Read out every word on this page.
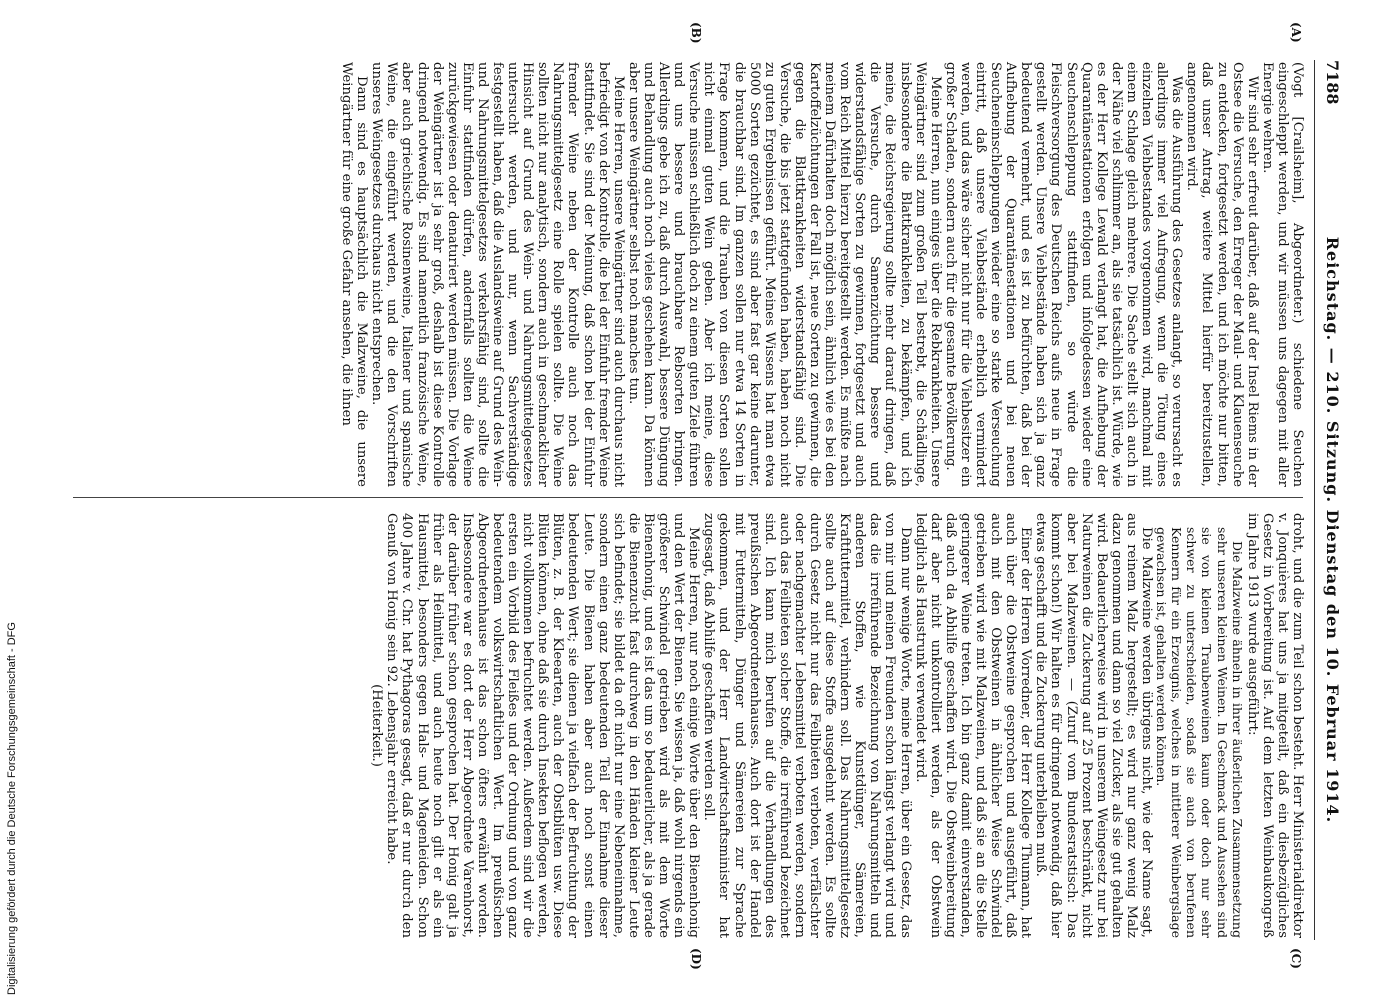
7188
Reichstag. — 210. Sitzung. Dienstag den 10. Februar 1914.
(A)
(B)
(C)
(D)

(Vogt [Crailsheim], Abgeordneter.) schiedene Seuchen eingeschleppt werden, und wir müssen uns dagegen mit aller Energie wehren.

Wir sind sehr erfreut darüber, daß auf der Insel Riems in der Ostsee die Versuche, den Erreger der Maul- und Klauenseuche zu entdecken, fortgesetzt werden, und ich möchte nur bitten, daß unser Antrag, weitere Mittel hierfür bereitzustellen, angenommen wird.

Was die Ausführung des Gesetzes anlangt, so verursacht es allerdings immer viel Aufregung, wenn die Tötung eines einzelnen Viehbestandes vorgenommen wird, manchmal mit einem Schlage gleich mehrere. Die Sache stellt sich auch in der Nähe viel schlimmer an, als sie tatsächlich ist. Würde, wie es der Herr Kollege Lewald verlangt hat, die Aufhebung der Quarantänestationen erfolgen und infolgedessen wieder eine Seuchenschleppung stattfinden, so würde die Fleischversorgung des Deutschen Reichs aufs neue in Frage gestellt werden. Unsere Viehbestände haben sich ja ganz bedeutend vermehrt, und es ist zu befürchten, daß bei der Aufhebung der Quarantänestationen und bei neuen Seucheneinschleppungen wieder eine so starke Verseuchung eintritt, daß unsere Viehbestände erheblich vermindert werden, und das wäre sicher nicht nur für die Viehbesitzer ein großer Schaden, sondern auch für die gesamte Bevölkerung.

Meine Herren, nun einiges über die Rebkrankheiten. Unsere Weingärtner sind zum großen Teil bestrebt, die Schädlinge, insbesondere die Blattkrankheiten, zu bekämpfen, und ich meine, die Reichsregierung sollte mehr darauf dringen, daß die Versuche, durch Samenzüchtung bessere und widerstandsfähige Sorten zu gewinnen, fortgesetzt und auch vom Reich Mittel hierzu bereitgestellt werden. Es müßte nach meinem Dafürhalten doch möglich sein, ähnlich wie es bei den Kartoffelzüchtungen der Fall ist, neue Sorten zu gewinnen, die gegen die Blattkrankheiten widerstandsfähig sind. Die Versuche, die bis jetzt stattgefunden haben, haben noch nicht zu guten Ergebnissen geführt. Meines Wissens hat man etwa 5000 Sorten gezüchtet, es sind aber fast gar keine darunter, die brauchbar sind. Im ganzen sollen nur etwa 14 Sorten in Frage kommen, und die Trauben von diesen Sorten sollen nicht einmal guten Wein geben. Aber ich meine, diese Versuche müssen schließlich doch zu einem guten Ziele führen und uns bessere und brauchbare Rebsorten bringen. Allerdings gebe ich zu, daß durch Auswahl, bessere Düngung und Behandlung auch noch vieles geschehen kann. Da können aber unsere Weingärtner selbst noch manches tun.

Meine Herren, unsere Weingärtner sind auch durchaus nicht befriedigt von der Kontrolle, die bei der Einfuhr fremder Weine stattfindet. Sie sind der Meinung, daß schon bei der Einfuhr fremder Weine neben der Kontrolle auch noch das Nahrungsmittelgesetz eine Rolle spielen sollte. Die Weine sollten nicht nur analytisch, sondern auch in geschmacklicher Hinsicht auf Grund des Wein- und Nahrungsmittelgesetzes untersucht werden, und nur, wenn Sachverständige festgestellt haben, daß die Auslandsweine auf Grund des Wein- und Nahrungsmittelgesetzes verkehrsfähig sind, sollte die Einfuhr stattfinden dürfen, andernfalls sollten die Weine zurückgewiesen oder denaturiert werden müssen. Die Vorlage der Weingärtner ist ja sehr groß, deshalb ist diese Kontrolle dringend notwendig. Es sind namentlich französische Weine, aber auch griechische Rosinenweine, Italiener und spanische Weine, die eingeführt werden, und die den Vorschriften unseres Weingesetzes durchaus nicht entsprechen.

Dann sind es hauptsächlich die Malzweine, die unsere Weingärtner für eine große Gefahr ansehen, die ihnen

droht, und die zum Teil schon besteht. Herr Ministerialdirektor v. Jonquières hat uns ja mitgeteilt, daß ein diesbezügliches Gesetz in Vorbereitung ist. Auf dem letzten Weinbaukongreß im Jahre 1913 wurde ausgeführt:

Die Malzweine ähneln in ihrer äußerlichen Zusammensetzung sehr unseren kleinen Weinen. In Geschmack und Aussehen sind sie von kleinen Traubenweinen kaum oder doch nur sehr schwer zu unterscheiden, sodaß sie auch von berufenen Kennern für ein Erzeugnis, welches in mittlerer Weinbergslage gewachsen ist, gehalten werden können.

Die Malzweine werden übrigens nicht, wie der Name sagt, aus reinem Malz hergestellt; es wird nur ganz wenig Malz dazu genommen und dann so viel Zucker, als sie gut gehalten wird. Bedauerlicherweise wird in unserem Weingesetz nur bei Naturweinen die Zuckerung auf 25 Prozent beschränkt, nicht aber bei Malzweinen. — (Zuruf vom Bundesratstisch: Das kommt schon!) Wir halten es für dringend notwendig, daß hier etwas geschafft und die Zuckerung unterbleiben muß.

Einer der Herren Vorredner, der Herr Kollege Thumann, hat auch über die Obstweine gesprochen und ausgeführt, daß auch mit den Obstweinen in ähnlicher Weise Schwindel getrieben wird wie mit Malzweinen, und daß sie an die Stelle geringerer Weine treten. Ich bin ganz damit einverstanden, daß auch da Abhilfe geschaffen wird. Die Obstweinbereitung darf aber nicht unkontrolliert werden, als der Obstwein lediglich als Haustrunk verwendet wird.

Dann nur wenige Worte, meine Herren, über ein Gesetz, das von mir und meinen Freunden schon längst verlangt wird und das die irreführende Bezeichnung von Nahrungsmitteln und anderen Stoffen, wie Kunstdünger, Sämereien, Kraftfuttermittel, verhindern soll. Das Nahrungsmittelgesetz sollte auch auf diese Stoffe ausgedehnt werden. Es sollte durch Gesetz nicht nur das Feilbieten verboten, verfälschter oder nachgemachter Lebensmittel verboten werden, sondern auch das Feilbieten solcher Stoffe, die irreführend bezeichnet sind. Ich kann mich berufen auf die Verhandlungen des preußischen Abgeordnetenhauses. Auch dort ist der Handel mit Futtermitteln, Dünger und Sämereien zur Sprache gekommen, und der Herr Landwirtschaftsminister hat zugesagt, daß Abhilfe geschaffen werden soll.

Meine Herren, nur noch einige Worte über den Bienenhonig und den Wert der Bienen. Sie wissen ja, daß wohl nirgends ein größerer Schwindel getrieben wird als mit dem Worte Bienenhonig, und es ist das um so bedauerlicher, als ja gerade die Bienenzucht fast durchweg in den Händen kleiner Leute sich befindet; sie bildet da oft nicht nur eine Nebeneinnahme, sondern einen ganz bedeutenden Teil der Einnahme dieser Leute. Die Bienen haben aber auch noch sonst einen bedeutenden Wert; sie dienen ja vielfach der Befruchtung der Blüten, z. B. der Kleearten, auch der Obstblüten usw. Diese Blüten können, ohne daß sie durch Insekten beflogen werden, nicht vollkommen befruchtet werden. Außerdem sind wir die ersten ein Vorbild des Fleißes und der Ordnung und von ganz bedeutendem volkswirtschaftlichen Wert. Im preußischen Abgeordnetenhause ist das schon öfters erwähnt worden. Insbesondere war es dort der Herr Abgeordnete Varenhorst, der darüber früher schon gesprochen hat. Der Honig galt ja früher als Heilmittel, und auch heute noch gilt er als ein Hausmittel, besonders gegen Hals- und Magenleiden. Schon 400 Jahre v. Chr. hat Pythagoras gesagt, daß er nur durch den Genuß von Honig sein 92. Lebensjahr erreicht habe.

(Heiterkeit.)

Digitalisierung gefördert durch die Deutsche Forschungsgemeinschaft - DFG
